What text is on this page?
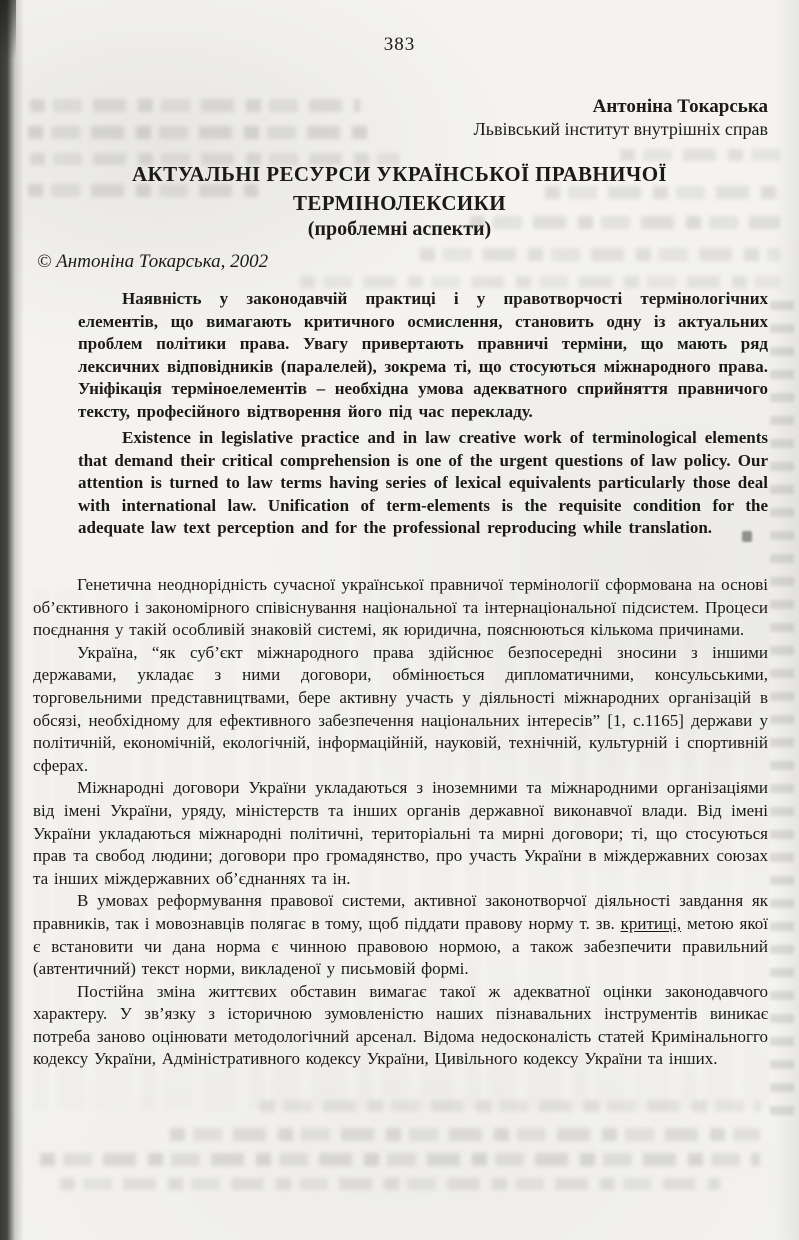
383
Антоніна Токарська
Львівський інститут внутрішніх справ
АКТУАЛЬНІ РЕСУРСИ УКРАЇНСЬКОЇ ПРАВНИЧОЇ
ТЕРМІНОЛЕКСИКИ
(проблемні аспекти)
© Антоніна Токарська, 2002
Наявність у законодавчій практиці і у правотворчості термінологічних елементів, що вимагають критичного осмислення, становить одну із актуальних проблем політики права. Увагу привертають правничі терміни, що мають ряд лексичних відповідників (паралелей), зокрема ті, що стосуються міжнародного права. Уніфікація терміноелементів – необхідна умова адекватного сприйняття правничого тексту, професійного відтворення його під час перекладу.
Existence in legislative practice and in law creative work of terminological elements that demand their critical comprehension is one of the urgent questions of law policy. Our attention is turned to law terms having series of lexical equivalents particularly those deal with international law. Unification of term-elements is the requisite condition for the adequate law text perception and for the professional reproducing while translation.

Генетична неоднорідність сучасної української правничої термінології сформована на основі об’єктивного і закономірного співіснування національної та інтернаціональної підсистем. Процеси поєднання у такій особливій знаковій системі, як юридична, пояснюються кількома причинами.

Україна, “як суб’єкт міжнародного права здійснює безпосередні зносини з іншими державами, укладає з ними договори, обмінюється дипломатичними, консульськими, торговельними представництвами, бере активну участь у діяльності міжнародних організацій в обсязі, необхідному для ефективного забезпечення національних інтересів” [1, с.1165] держави у політичній, економічній, екологічній, інформаційній, науковій, технічній, культурній і спортивній сферах.

Міжнародні договори України укладаються з іноземними та міжнародними організаціями від імені України, уряду, міністерств та інших органів державної виконавчої влади. Від імені України укладаються міжнародні політичні, територіальні та мирні договори; ті, що стосуються прав та свобод людини; договори про громадянство, про участь України в міждержавних союзах та інших міждержавних об’єднаннях та ін.

В умовах реформування правової системи, активної законотворчої діяльності завдання як правників, так і мовознавців полягає в тому, щоб піддати правову норму т. зв. критиці, метою якої є встановити чи дана норма є чинною правовою нормою, а також забезпечити правильний (автентичний) текст норми, викладеної у письмовій формі.

Постійна зміна життєвих обставин вимагає такої ж адекватної оцінки законодавчого характеру. У зв’язку з історичною зумовленістю наших пізнавальних інструментів виникає потреба заново оцінювати методологічний арсенал. Відома недосконалість статей Кримінальногго кодексу України, Адміністративного кодексу України, Цивільного кодексу України та інших.
